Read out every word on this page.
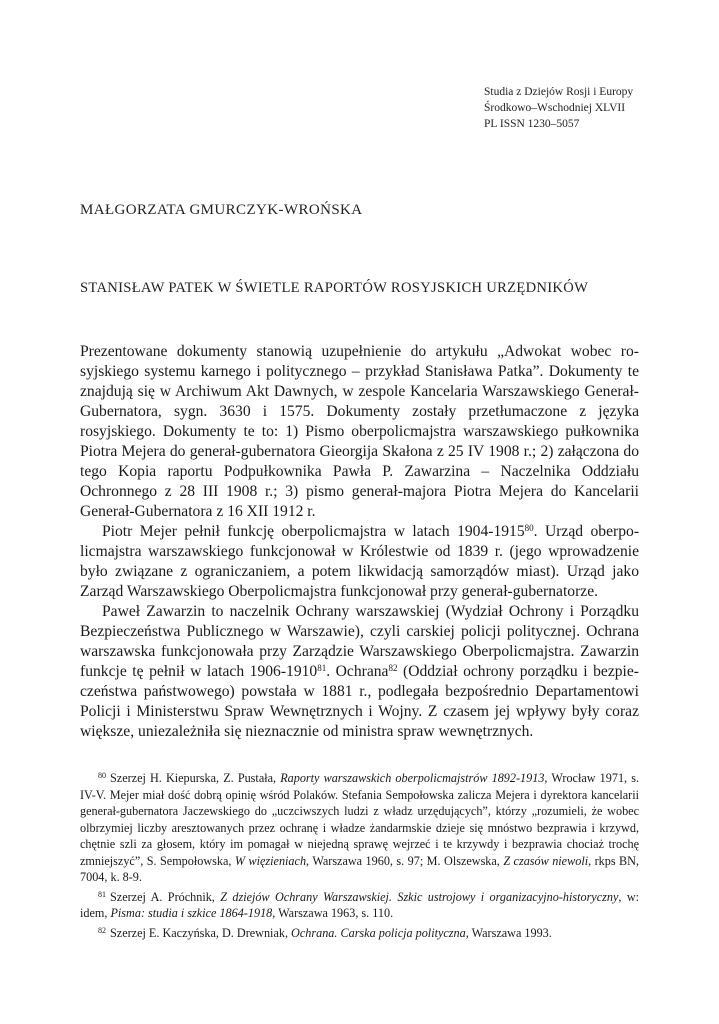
Studia z Dziejów Rosji i Europy
Środkowo–Wschodniej XLVII
PL ISSN 1230–5057
MAŁGORZATA GMURCZYK-WROŃSKA
STANISŁAW PATEK W ŚWIETLE RAPORTÓW ROSYJSKICH URZĘDNIKÓW

Prezentowane dokumenty stanowią uzupełnienie do artykułu „Adwokat wobec rosyjskiego systemu karnego i politycznego – przykład Stanisława Patka”. Dokumenty te znajdują się w Archiwum Akt Dawnych, w zespole Kancelaria Warszawskiego Generał-Gubernatora, sygn. 3630 i 1575. Dokumenty zostały przetłumaczone z języka rosyjskiego. Dokumenty te to: 1) Pismo oberpolicmajstra warszawskiego pułkownika Piotra Mejera do generał-gubernatora Gieorgija Skałona z 25 IV 1908 r.; 2) załączona do tego Kopia raportu Podpułkownika Pawła P. Zawarzina – Naczelnika Oddziału Ochronnego z 28 III 1908 r.; 3) pismo generał-majora Piotra Mejera do Kancelarii Generał-Gubernatora z 16 XII 1912 r.

Piotr Mejer pełnił funkcję oberpolicmajstra w latach 1904-1915$^{80}$. Urząd oberpolicmajstra warszawskiego funkcjonował w Królestwie od 1839 r. (jego wprowadzenie było związane z ograniczaniem, a potem likwidacją samorządów miast). Urząd jako Zarząd Warszawskiego Oberpolicmajstra funkcjonował przy generał-gubernatorze.

Paweł Zawarzin to naczelnik Ochrany warszawskiej (Wydział Ochrony i Porządku Bezpieczeństwa Publicznego w Warszawie), czyli carskiej policji politycznej. Ochrana warszawska funkcjonowała przy Zarządzie Warszawskiego Oberpolicmajstra. Zawarzin funkcje tę pełnił w latach 1906-1910$^{81}$. Ochrana$^{82}$ (Oddział ochrony porządku i bezpieczeństwa państwowego) powstała w 1881 r., podlegała bezpośrednio Departamentowi Policji i Ministerstwu Spraw Wewnętrznych i Wojny. Z czasem jej wpływy były coraz większe, uniezależniła się nieznacznie od ministra spraw wewnętrznych.

$^{80}$ Szerzej H. Kiepurska, Z. Pustała, Raporty warszawskich oberpolicmajstrów 1892-1913, Wrocław 1971, s. IV-V. Mejer miał dość dobrą opinię wśród Polaków. Stefania Sempołowska zalicza Mejera i dyrektora kancelarii generał-gubernatora Jaczewskiego do „uczciwszych ludzi z władz urzędujących”, którzy „rozumieli, że wobec olbrzymiej liczby aresztowanych przez ochranę i władze żandarmskie dzieje się mnóstwo bezprawia i krzywd, chętnie szli za głosem, który im pomagał w niejedną sprawę wejrzeć i te krzywdy i bezprawia chociaż trochę zmniejszyć”, S. Sempołowska, W więzieniach, Warszawa 1960, s. 97; M. Olszewska, Z czasów niewoli, rkps BN, 7004, k. 8-9.

$^{81}$ Szerzej A. Próchnik, Z dziejów Ochrany Warszawskiej. Szkic ustrojowy i organizacyjno-historyczny, w: idem, Pisma: studia i szkice 1864-1918, Warszawa 1963, s. 110.

$^{82}$ Szerzej E. Kaczyńska, D. Drewniak, Ochrana. Carska policja polityczna, Warszawa 1993.
